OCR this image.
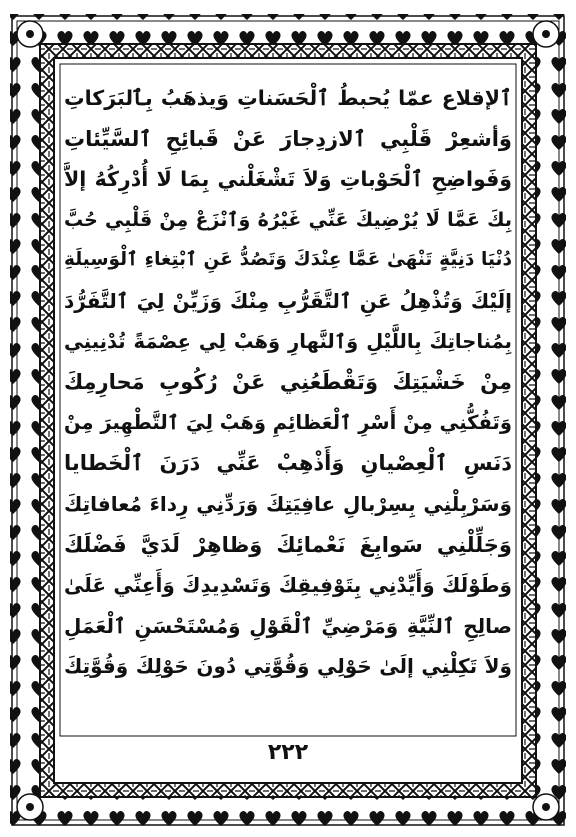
ٱلإقلاع عمّا يُحبطُ ٱلْحَسَناتِ وَيذهَبُ بِٱلبَرَكاتِ
وَأشعِرْ قَلْبِي ٱلازدِجارَ عَنْ قَبائِحِ ٱلسَّيِّئاتِ
وَفَواضِحِ ٱلْحَوْباتِ وَلاَ تَشْغَلْني بِمَا لَا أُدْرِكُهُ إلاَّ
بِكَ عَمَّا لَا يُرْضِيكَ عَنِّي غَيْرُهُ وَٱنْزَعْ مِنْ قَلْبِي حُبَّ
دُنْيَا دَنِيَّةٍ تَنْهَىٰ عَمَّا عِنْدَكَ وَتَصُدُّ عَنِ ٱبْتِغاءِ ٱلْوَسِيلَةِ
إلَيْكَ وَتُذْهِلُ عَنِ ٱلتَّقَرُّبِ مِنْكَ وَزَيِّنْ لِيَ ٱلتَّفَرُّدَ
بِمُناجاتِكَ بِاللَّيْلِ وَٱلنَّهارِ وَهَبْ لِي عِصْمَةً تُدْنِينِي
مِنْ خَشْيَتِكَ وَتَقْطَعُنِي عَنْ رُكُوبِ مَحارِمِكَ
وَتَفُكُّنِي مِنْ أَسْرِ ٱلْعَظائِمِ وَهَبْ لِيَ ٱلتَّطْهِيرَ مِنْ
دَنَسِ ٱلْعِصْيانِ وَأَذْهِبْ عَنِّي دَرَنَ ٱلْخَطايا
وَسَرْبِلْنِي بِسِرْبالِ عافِيَتِكَ وَرَدِّنِي رِداءَ مُعافاتِكَ
وَجَلِّلْنِي سَوابِغَ نَعْمائِكَ وَظاهِرْ لَدَيَّ فَضْلَكَ
وَطَوْلَكَ وَأَيِّدْنِي بِتَوْفِيقِكَ وَتَسْدِيدِكَ وَأَعِنِّي عَلَىٰ
صالِحِ ٱلنِّيَّةِ وَمَرْضِيِّ ٱلْقَوْلِ وَمُسْتَحْسَنِ ٱلْعَمَلِ
وَلاَ تَكِلْنِي إلَىٰ حَوْلِي وَقُوَّتِي دُونَ حَوْلِكَ وَقُوَّتِكَ
٢٢٢
